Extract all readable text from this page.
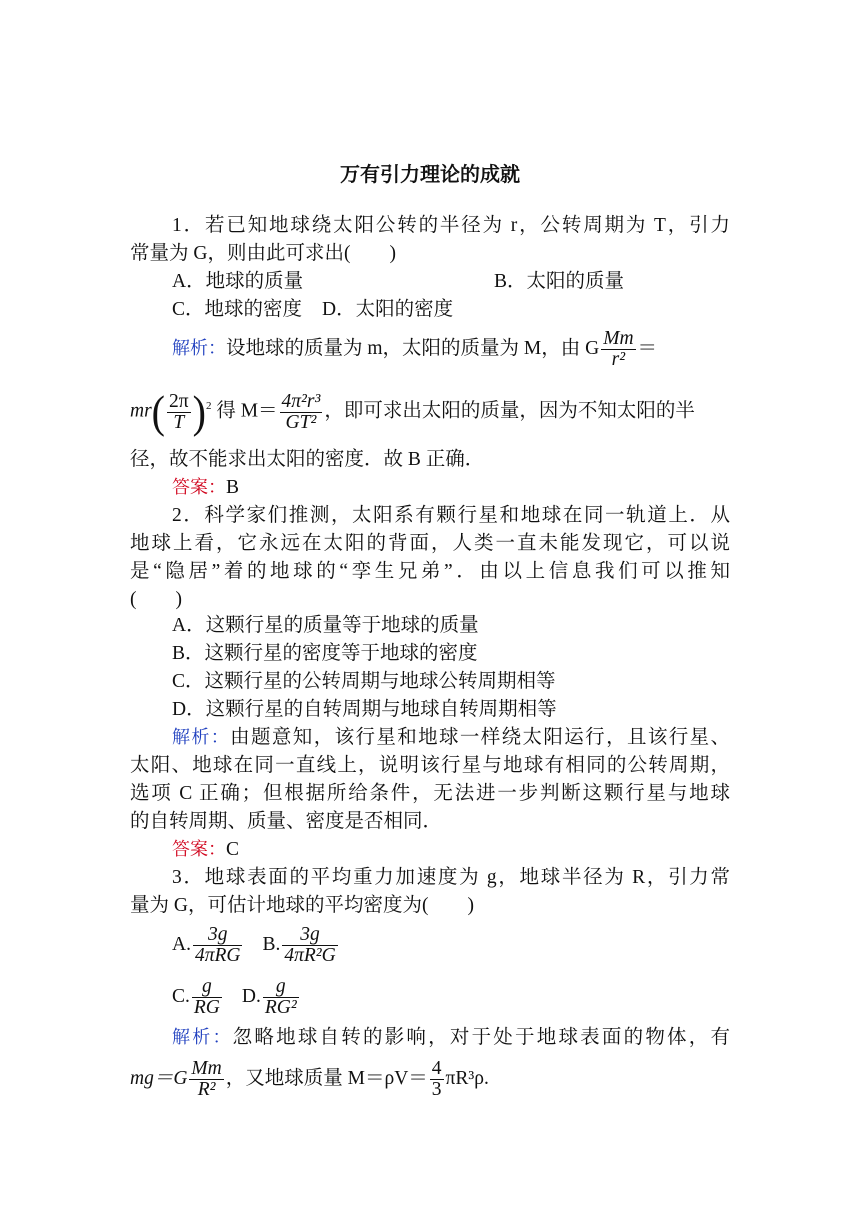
万有引力理论的成就
1．若已知地球绕太阳公转的半径为 r，公转周期为 T，引力
常量为 G，则由此可求出(　　)
A．地球的质量	B．太阳的质量
C．地球的密度 D．太阳的密度
解析：设地球的质量为 m，太阳的质量为 M，由 G $\frac{Mm}{\text{r²}}$ ＝
$mr( \frac{2\pi}{T} )^2$ 得 $M= \frac{\text{4π²r³}}{\text{GT²}}$ ，即可求出太阳的质量，因为不知太阳的半
径，故不能求出太阳的密度．故 B 正确．
答案：B
2．科学家们推测，太阳系有颗行星和地球在同一轨道上．从
地球上看，它永远在太阳的背面，人类一直未能发现它，可以说
是“隐居”着的地球的“孪生兄弟”．由以上信息我们可以推知
(　　)
A．这颗行星的质量等于地球的质量
B．这颗行星的密度等于地球的密度
C．这颗行星的公转周期与地球公转周期相等
D．这颗行星的自转周期与地球自转周期相等
解析：由题意知，该行星和地球一样绕太阳运行，且该行星、
太阳、地球在同一直线上，说明该行星与地球有相同的公转周期，
选项 C 正确；但根据所给条件，无法进一步判断这颗行星与地球
的自转周期、质量、密度是否相同．
答案：C
3．地球表面的平均重力加速度为 g，地球半径为 R，引力常
量为 G，可估计地球的平均密度为(　　)
A. $\frac{3g}{\text{4πRG}} B$. $\frac{3g}{\text{4πR²G}}$
C. $\frac{g}{RG} D$. $\frac{g}{\text{RG²}}$
解析：忽略地球自转的影响，对于处于地球表面的物体，有
$mg=G \frac{Mm}{\text{R²}}$ ，又地球质量 $M=\rho V= \frac{4}{3} \pi R^3\rho$.
